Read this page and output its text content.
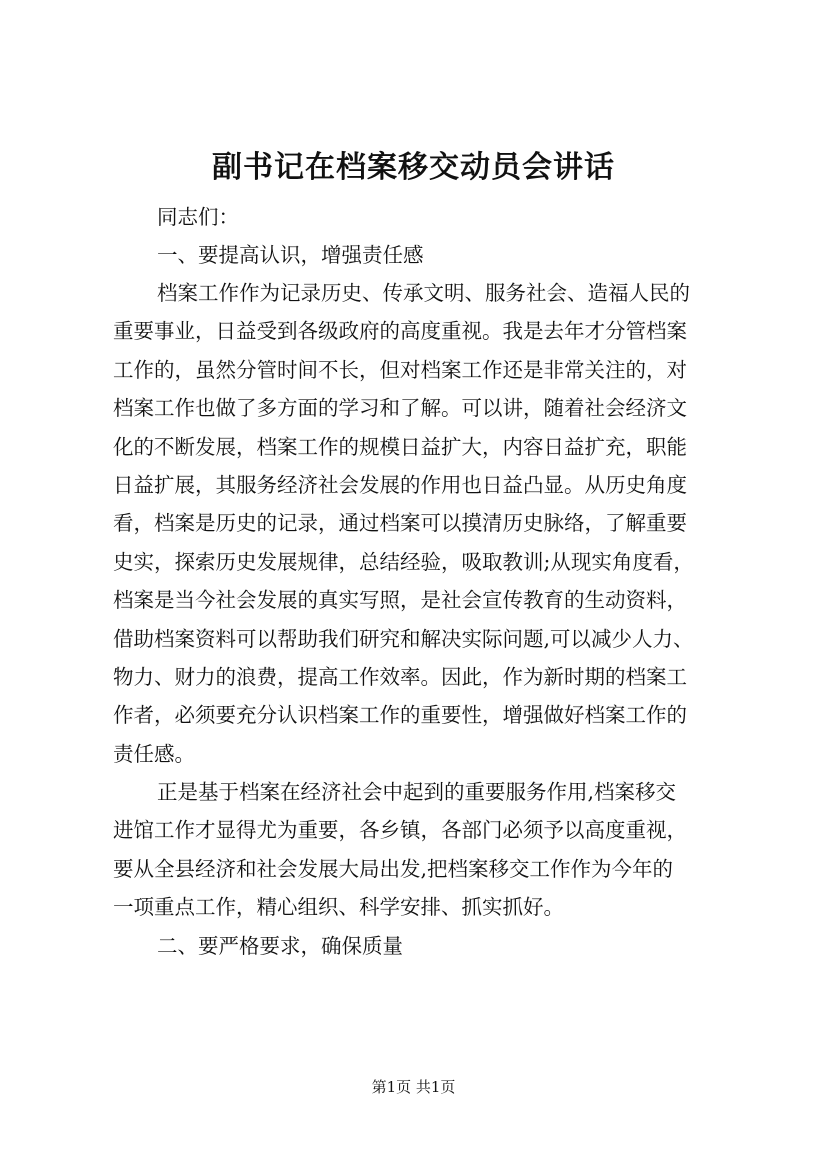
副书记在档案移交动员会讲话
同志们：
一、要提高认识，增强责任感
档案工作作为记录历史、传承文明、服务社会、造福人民的
重要事业，日益受到各级政府的高度重视。我是去年才分管档案
工作的，虽然分管时间不长，但对档案工作还是非常关注的，对
档案工作也做了多方面的学习和了解。可以讲，随着社会经济文
化的不断发展，档案工作的规模日益扩大，内容日益扩充，职能
日益扩展，其服务经济社会发展的作用也日益凸显。从历史角度
看，档案是历史的记录，通过档案可以摸清历史脉络，了解重要
史实，探索历史发展规律，总结经验，吸取教训;从现实角度看，
档案是当今社会发展的真实写照，是社会宣传教育的生动资料，
借助档案资料可以帮助我们研究和解决实际问题,可以减少人力、
物力、财力的浪费，提高工作效率。因此，作为新时期的档案工
作者，必须要充分认识档案工作的重要性，增强做好档案工作的
责任感。
正是基于档案在经济社会中起到的重要服务作用,档案移交
进馆工作才显得尤为重要，各乡镇，各部门必须予以高度重视，
要从全县经济和社会发展大局出发,把档案移交工作作为今年的
一项重点工作，精心组织、科学安排、抓实抓好。
二、要严格要求，确保质量
第1页 共1页
